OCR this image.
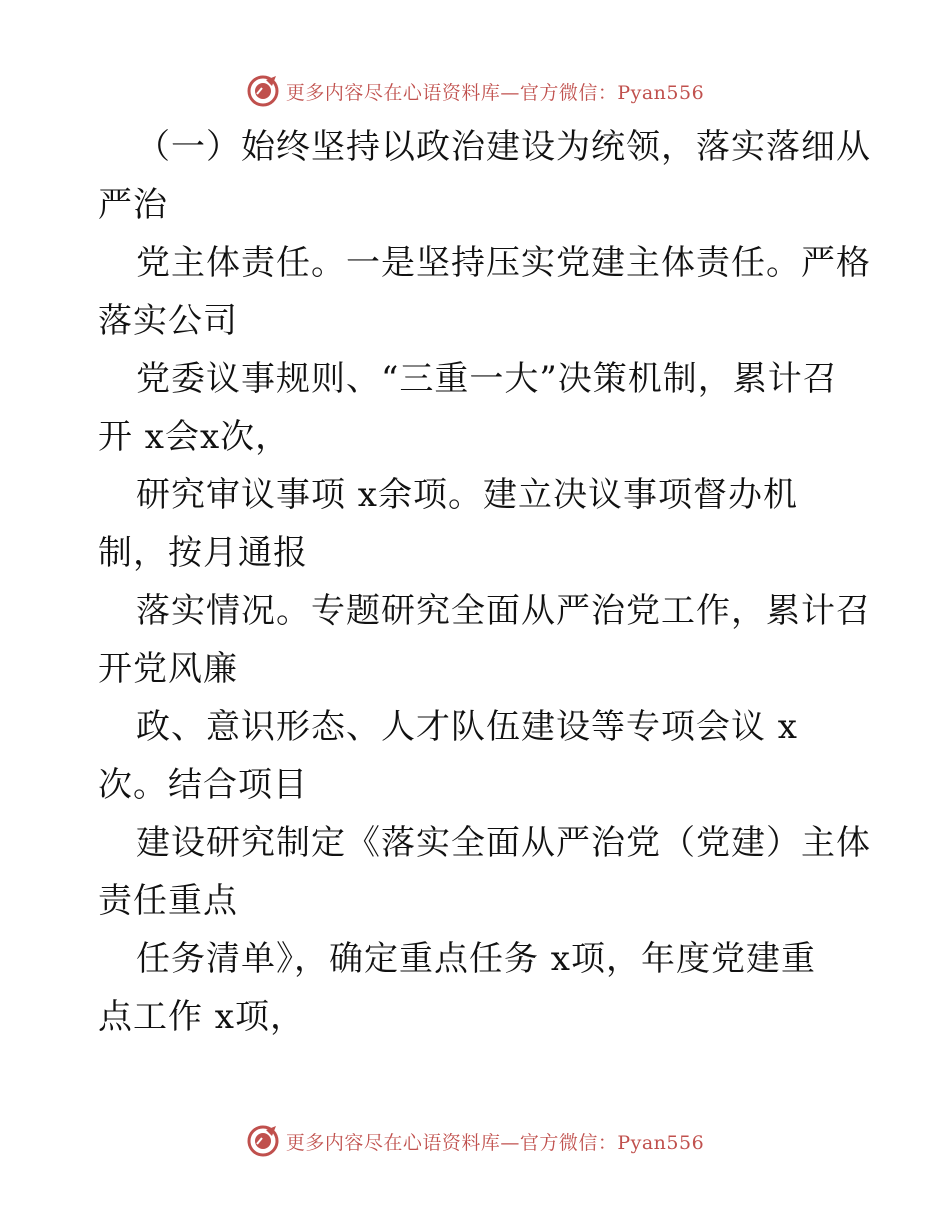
更多内容尽在心语资料库—官方微信：Pyan556
（一）始终坚持以政治建设为统领，落实落细从
严治
党主体责任。一是坚持压实党建主体责任。严格
落实公司
党委议事规则、“三重一大”决策机制，累计召
开 x会x次，
研究审议事项 x余项。建立决议事项督办机
制，按月通报
落实情况。专题研究全面从严治党工作，累计召
开党风廉
政、意识形态、人才队伍建设等专项会议 x
次。结合项目
建设研究制定《落实全面从严治党（党建）主体
责任重点
任务清单》，确定重点任务 x项，年度党建重
点工作 x项，
更多内容尽在心语资料库—官方微信：Pyan556
